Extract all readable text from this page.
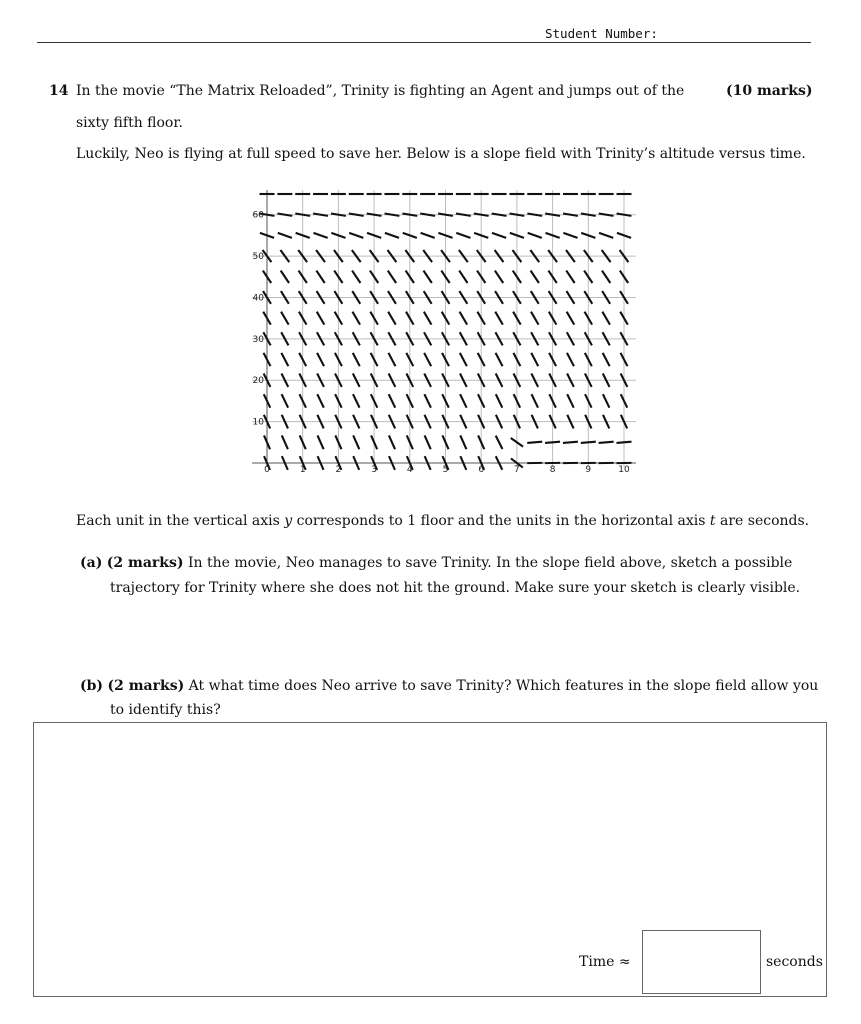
Student Number:
14 In the movie “The Matrix Reloaded”, Trinity is fighting an Agent and jumps out of the	(10 marks)
sixty fifth floor.
Luckily, Neo is flying at full speed to save her. Below is a slope field with Trinity’s altitude versus time.
0	1	2	3	4	5	6	7	8	9	10
10
20
30
40
50
60
Each unit in the vertical axis y corresponds to 1 floor and the units in the horizontal axis t are seconds.
(a) (2 marks) In the movie, Neo manages to save Trinity. In the slope field above, sketch a possible
trajectory for Trinity where she does not hit the ground. Make sure your sketch is clearly visible.
(b) (2 marks) At what time does Neo arrive to save Trinity? Which features in the slope field allow you
to identify this?
Time ≈	seconds
